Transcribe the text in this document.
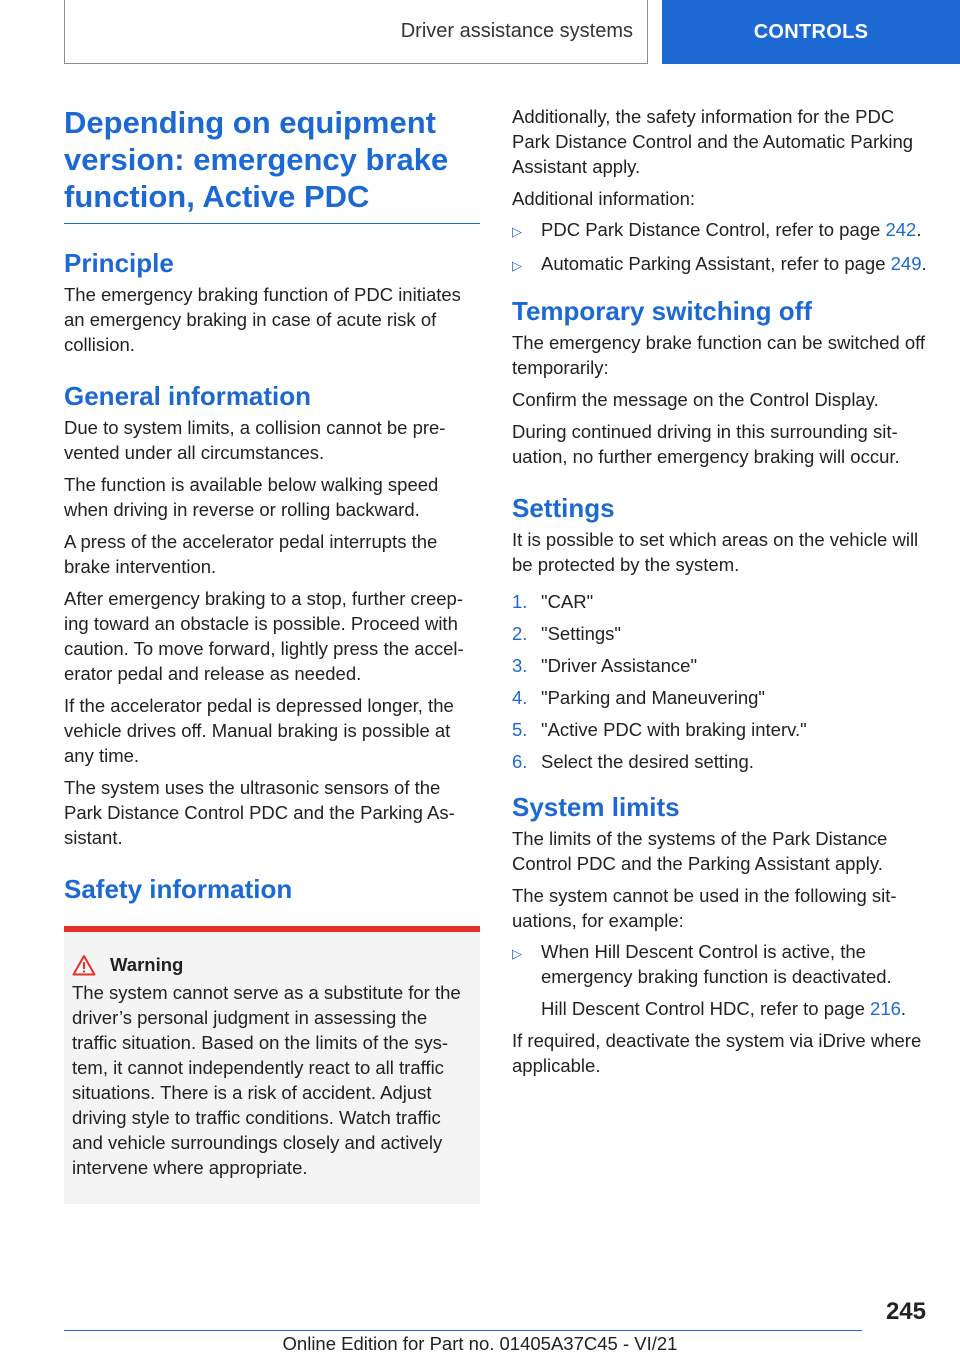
Driver assistance systems	CONTROLS
Depending on equipment version: emergency brake function, Active PDC
Principle

The emergency braking function of PDC initiates an emergency braking in case of acute risk of collision.

General information

Due to system limits, a collision cannot be pre-vented under all circumstances.

The function is available below walking speed when driving in reverse or rolling backward.

A press of the accelerator pedal interrupts the brake intervention.

After emergency braking to a stop, further creep-ing toward an obstacle is possible. Proceed with caution. To move forward, lightly press the accel-erator pedal and release as needed.

If the accelerator pedal is depressed longer, the vehicle drives off. Manual braking is possible at any time.

The system uses the ultrasonic sensors of the Park Distance Control PDC and the Parking As-sistant.

Safety information
Warning

The system cannot serve as a substitute for the driver’s personal judgment in assessing the traffic situation. Based on the limits of the sys-tem, it cannot independently react to all traffic situations. There is a risk of accident. Adjust driving style to traffic conditions. Watch traffic and vehicle surroundings closely and actively intervene where appropriate.

Additionally, the safety information for the PDC Park Distance Control and the Automatic Parking Assistant apply.

Additional information:

▷	PDC Park Distance Control, refer to page 242.
▷	Automatic Parking Assistant, refer to page 249.
Temporary switching off

The emergency brake function can be switched off temporarily:

Confirm the message on the Control Display.

During continued driving in this surrounding sit-uation, no further emergency braking will occur.

Settings

It is possible to set which areas on the vehicle will be protected by the system.

1. "CAR"
2. "Settings"
3. "Driver Assistance"
4. "Parking and Maneuvering"
5. "Active PDC with braking interv."
6. Select the desired setting.
System limits

The limits of the systems of the Park Distance Control PDC and the Parking Assistant apply.

The system cannot be used in the following sit-uations, for example:

▷	When Hill Descent Control is active, the emergency braking function is deactivated.

Hill Descent Control HDC, refer to page 216.

If required, deactivate the system via iDrive where applicable.

245
Online Edition for Part no. 01405A37C45 - VI/21
